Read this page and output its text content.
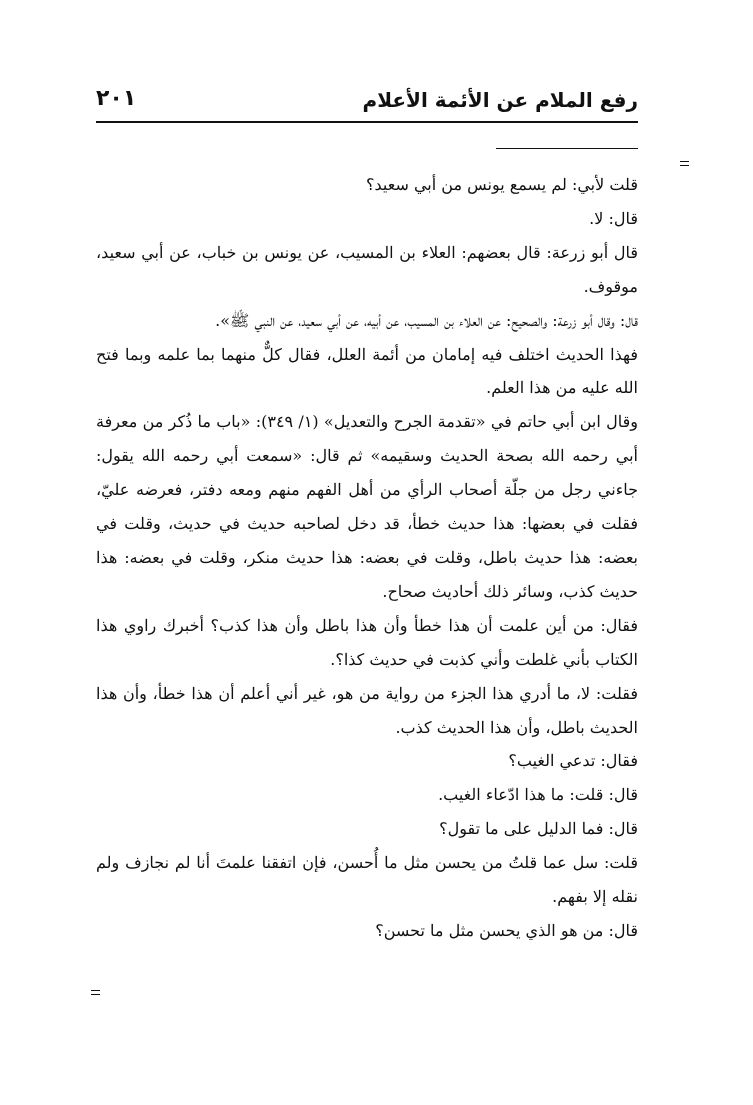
رفع الملام عن الأئمة الأعلام
٢٠١

قلت لأبي: لم يسمع يونس من أبي سعيد؟

قال: لا.

قال أبو زرعة: قال بعضهم: العلاء بن المسيب، عن يونس بن خباب، عن أبي سعيد، موقوف.

قال: وقال أبو زرعة: والصحيح: عن العلاء بن المسيب، عن أبيه، عن أبي سعيد، عن النبي ﷺ».

فهذا الحديث اختلف فيه إمامان من أئمة العلل، فقال كلٌّ منهما بما علمه وبما فتح الله عليه من هذا العلم.

وقال ابن أبي حاتم في «تقدمة الجرح والتعديل» (١/ ٣٤٩): «باب ما ذُكر من معرفة أبي رحمه الله بصحة الحديث وسقيمه» ثم قال: «سمعت أبي رحمه الله يقول: جاءني رجل من جلّة أصحاب الرأي من أهل الفهم منهم ومعه دفتر، فعرضه عليّ، فقلت في بعضها: هذا حديث خطأ، قد دخل لصاحبه حديث في حديث، وقلت في بعضه: هذا حديث باطل، وقلت في بعضه: هذا حديث منكر، وقلت في بعضه: هذا حديث كذب، وسائر ذلك أحاديث صحاح.

فقال: من أين علمت أن هذا خطأ وأن هذا باطل وأن هذا كذب؟ أخبرك راوي هذا الكتاب بأني غلطت وأني كذبت في حديث كذا؟.

فقلت: لا، ما أدري هذا الجزء من رواية من هو، غير أني أعلم أن هذا خطأ، وأن هذا الحديث باطل، وأن هذا الحديث كذب.

فقال: تدعي الغيب؟

قال: قلت: ما هذا ادّعاء الغيب.

قال: فما الدليل على ما تقول؟

قلت: سل عما قلتُ من يحسن مثل ما أُحسن، فإن اتفقنا علمتَ أنا لم نجازف ولم نقله إلا بفهم.

قال: من هو الذي يحسن مثل ما تحسن؟
